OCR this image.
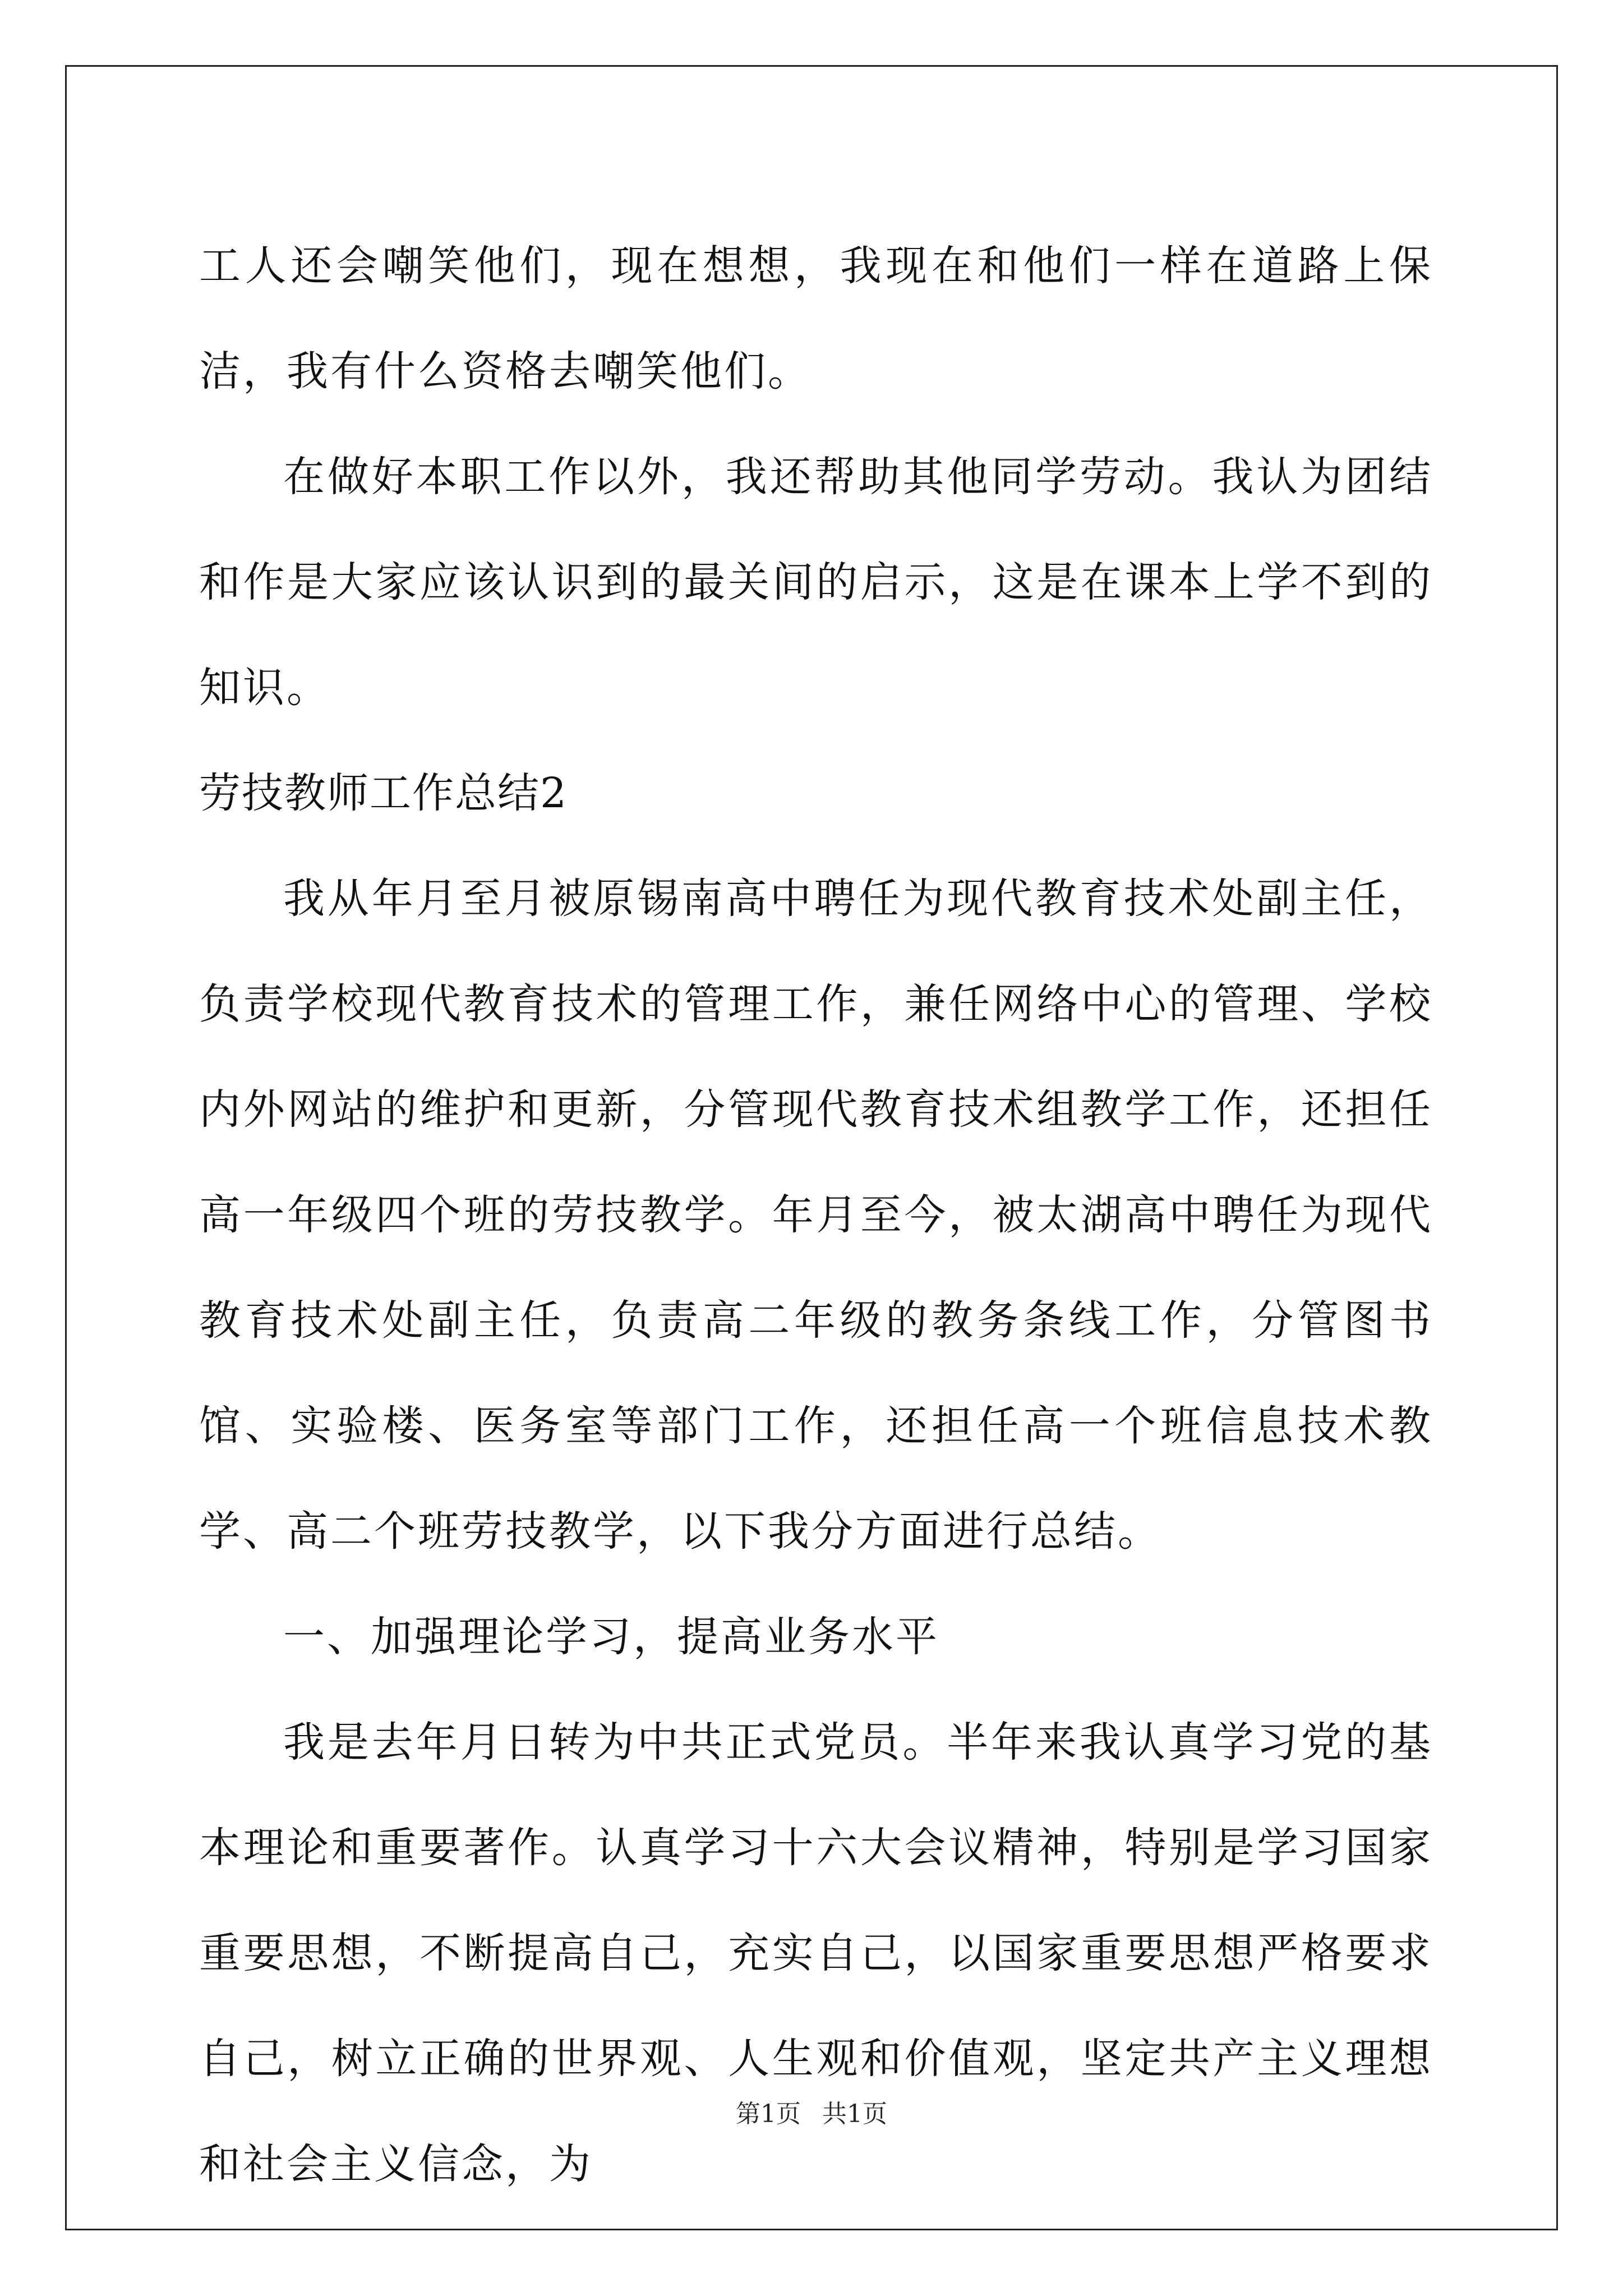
工人还会嘲笑他们，现在想想，我现在和他们一样在道路上保洁，我有什么资格去嘲笑他们。

在做好本职工作以外，我还帮助其他同学劳动。我认为团结和作是大家应该认识到的最关间的启示，这是在课本上学不到的知识。

劳技教师工作总结2

我从年月至月被原锡南高中聘任为现代教育技术处副主任，负责学校现代教育技术的管理工作，兼任网络中心的管理、学校内外网站的维护和更新，分管现代教育技术组教学工作，还担任高一年级四个班的劳技教学。年月至今，被太湖高中聘任为现代教育技术处副主任，负责高二年级的教务条线工作，分管图书馆、实验楼、医务室等部门工作，还担任高一个班信息技术教学、高二个班劳技教学，以下我分方面进行总结。

一、加强理论学习，提高业务水平

我是去年月日转为中共正式党员。半年来我认真学习党的基本理论和重要著作。认真学习十六大会议精神，特别是学习国家重要思想，不断提高自己，充实自己，以国家重要思想严格要求自己，树立正确的世界观、人生观和价值观，坚定共产主义理想和社会主义信念，为

第1页 共1页
